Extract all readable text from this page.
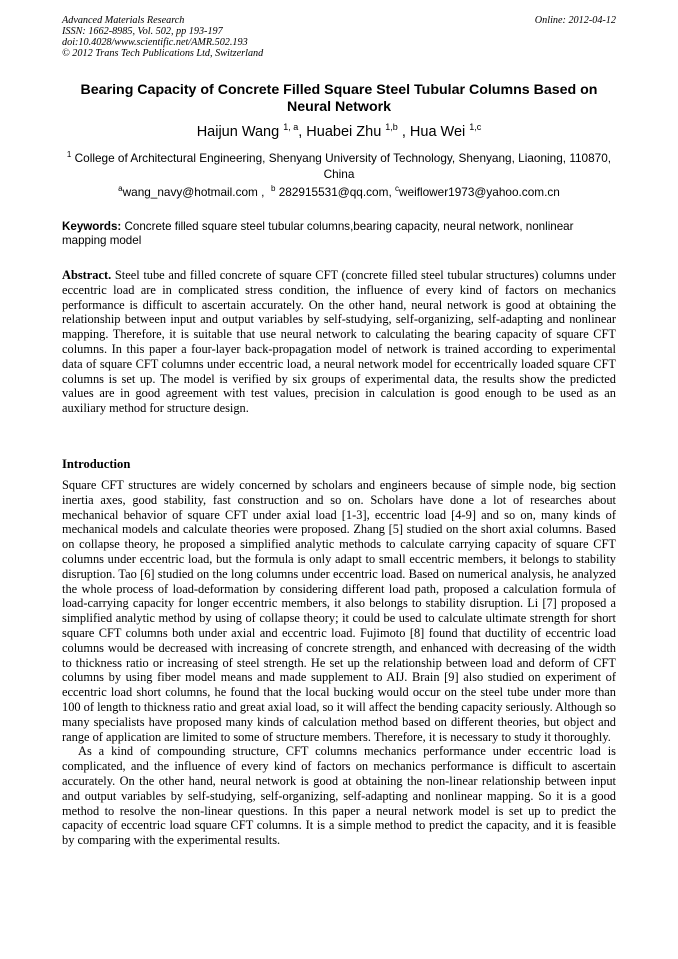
Advanced Materials Research
ISSN: 1662-8985, Vol. 502, pp 193-197
doi:10.4028/www.scientific.net/AMR.502.193
© 2012 Trans Tech Publications Ltd, Switzerland
Online: 2012-04-12
Bearing Capacity of Concrete Filled Square Steel Tubular Columns Based on Neural Network
Haijun Wang $^{1, a}$, Huabei Zhu $^{1,b}$ , Hua Wei $^{1,c}$
$^1$ College of Architectural Engineering, Shenyang University of Technology, Shenyang, Liaoning, 110870, China
$^a$wang_navy@hotmail.com ,  $^b$ 282915531@qq.com, $^c$weiflower1973@yahoo.com.cn
Keywords: Concrete filled square steel tubular columns,bearing capacity, neural network, nonlinear mapping model

Abstract. Steel tube and filled concrete of square CFT (concrete filled steel tubular structures) columns under eccentric load are in complicated stress condition, the influence of every kind of factors on mechanics performance is difficult to ascertain accurately. On the other hand, neural network is good at obtaining the relationship between input and output variables by self-studying, self-organizing, self-adapting and nonlinear mapping. Therefore, it is suitable that use neural network to calculating the bearing capacity of square CFT columns. In this paper a four-layer back-propagation model of network is trained according to experimental data of square CFT columns under eccentric load, a neural network model for eccentrically loaded square CFT columns is set up. The model is verified by six groups of experimental data, the results show the predicted values are in good agreement with test values, precision in calculation is good enough to be used as an auxiliary method for structure design.

Introduction

Square CFT structures are widely concerned by scholars and engineers because of simple node, big section inertia axes, good stability, fast construction and so on. Scholars have done a lot of researches about mechanical behavior of square CFT under axial load [1-3], eccentric load [4-9] and so on, many kinds of mechanical models and calculate theories were proposed. Zhang [5] studied on the short axial columns. Based on collapse theory, he proposed a simplified analytic methods to calculate carrying capacity of square CFT columns under eccentric load, but the formula is only adapt to small eccentric members, it belongs to stability disruption. Tao [6] studied on the long columns under eccentric load. Based on numerical analysis, he analyzed the whole process of load-deformation by considering different load path, proposed a calculation formula of load-carrying capacity for longer eccentric members, it also belongs to stability disruption. Li [7] proposed a simplified analytic method by using of collapse theory; it could be used to calculate ultimate strength for short square CFT columns both under axial and eccentric load. Fujimoto [8] found that ductility of eccentric load columns would be decreased with increasing of concrete strength, and enhanced with decreasing of the width to thickness ratio or increasing of steel strength. He set up the relationship between load and deform of CFT columns by using fiber model means and made supplement to AIJ. Brain [9] also studied on experiment of eccentric load short columns, he found that the local bucking would occur on the steel tube under more than 100 of length to thickness ratio and great axial load, so it will affect the bending capacity seriously. Although so many specialists have proposed many kinds of calculation method based on different theories, but object and range of application are limited to some of structure members. Therefore, it is necessary to study it thoroughly.

As a kind of compounding structure, CFT columns mechanics performance under eccentric load is complicated, and the influence of every kind of factors on mechanics performance is difficult to ascertain accurately. On the other hand, neural network is good at obtaining the non-linear relationship between input and output variables by self-studying, self-organizing, self-adapting and nonlinear mapping. So it is a good method to resolve the non-linear questions. In this paper a neural network model is set up to predict the capacity of eccentric load square CFT columns. It is a simple method to predict the capacity, and it is feasible by comparing with the experimental results.
